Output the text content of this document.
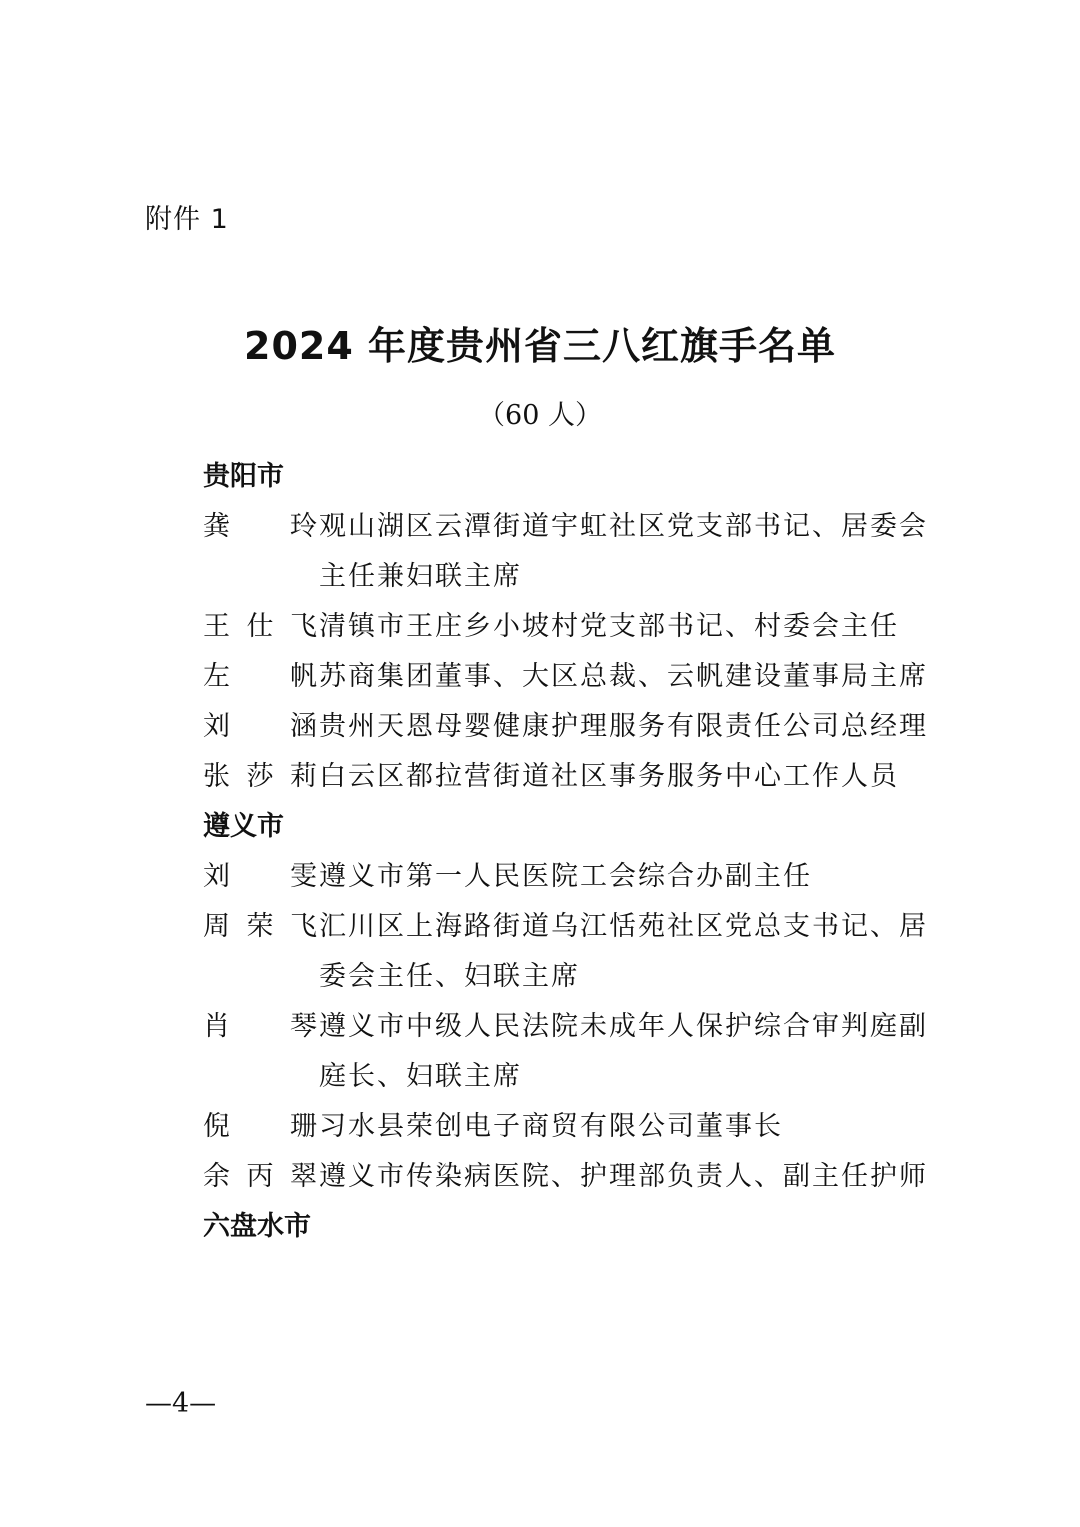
附件 1
2024 年度贵州省三八红旗手名单
（60 人）
贵阳市
龚　玲 观山湖区云潭街道宇虹社区党支部书记、居委会主任兼妇联主席
王仕飞 清镇市王庄乡小坡村党支部书记、村委会主任
左　帆 苏商集团董事、大区总裁、云帆建设董事局主席
刘　涵 贵州天恩母婴健康护理服务有限责任公司总经理
张莎莉 白云区都拉营街道社区事务服务中心工作人员
遵义市
刘　雯 遵义市第一人民医院工会综合办副主任
周荣飞 汇川区上海路街道乌江恬苑社区党总支书记、居委会主任、妇联主席
肖　琴 遵义市中级人民法院未成年人保护综合审判庭副庭长、妇联主席
倪　珊 习水县荣创电子商贸有限公司董事长
余丙翠 遵义市传染病医院、护理部负责人、副主任护师
六盘水市
—4—
